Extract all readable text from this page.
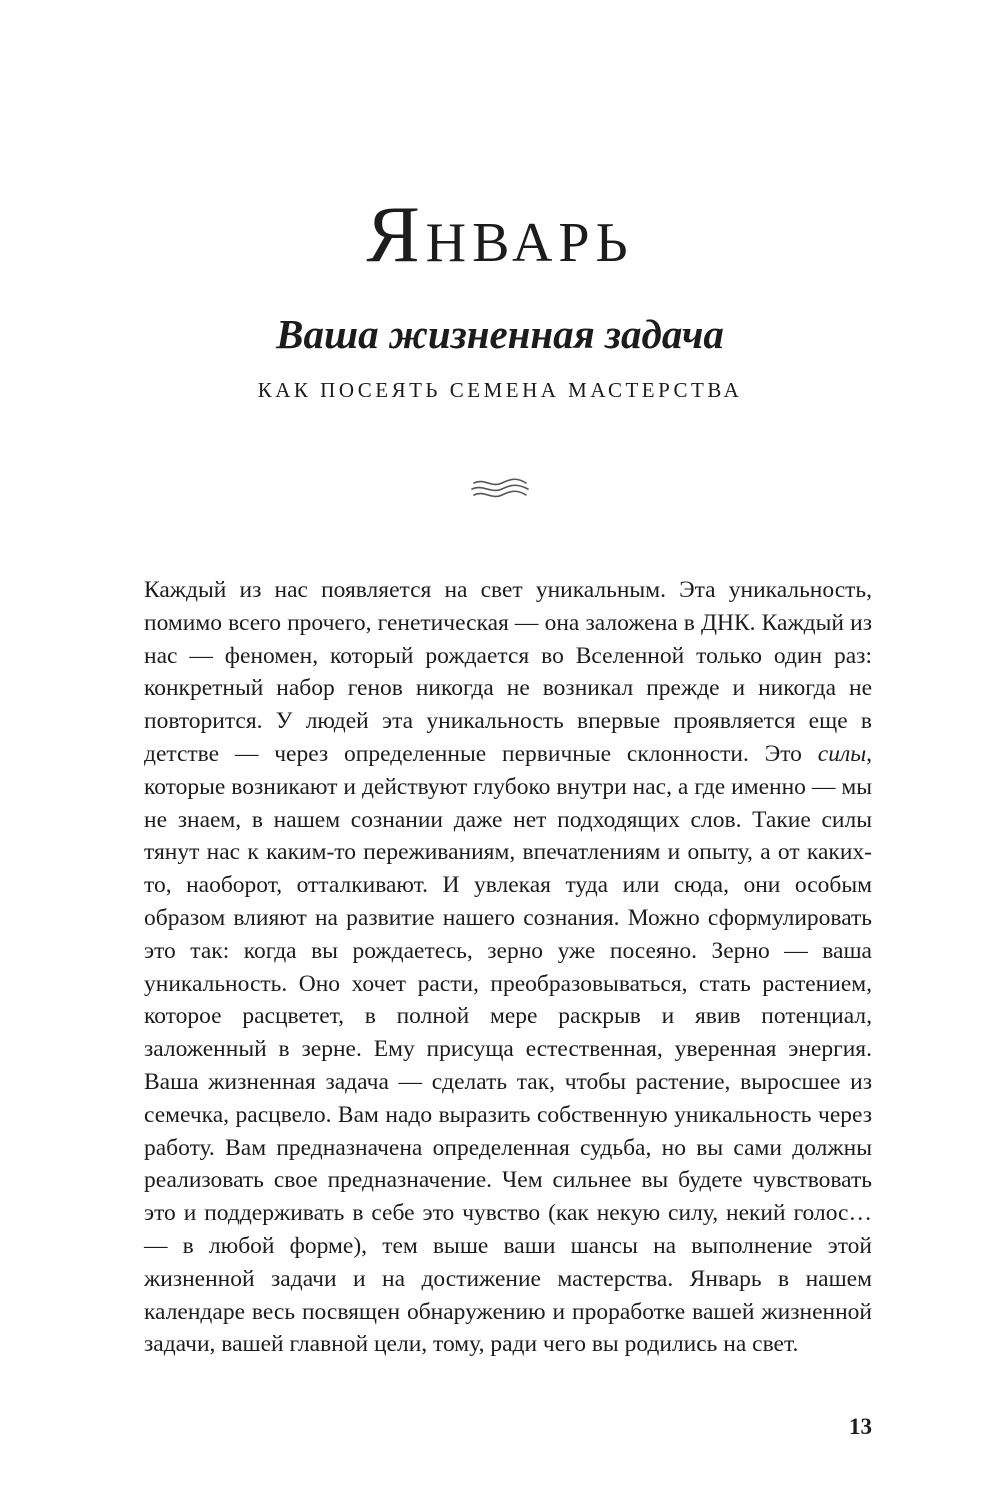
Январь
Ваша жизненная задача
КАК ПОСЕЯТЬ СЕМЕНА МАСТЕРСТВА

Каждый из нас появляется на свет уникальным. Эта уникальность, помимо всего прочего, генетическая — она заложена в ДНК. Каждый из нас — феномен, который рождается во Вселенной только один раз: конкретный набор генов никогда не возникал прежде и никогда не повторится. У людей эта уникальность впервые проявляется еще в детстве — через определенные первичные склонности. Это силы, которые возникают и действуют глубоко внутри нас, а где именно — мы не знаем, в нашем сознании даже нет подходящих слов. Такие силы тянут нас к каким-то переживаниям, впечатлениям и опыту, а от каких-то, наоборот, отталкивают. И увлекая туда или сюда, они особым образом влияют на развитие нашего сознания. Можно сформулировать это так: когда вы рождаетесь, зерно уже посеяно. Зерно — ваша уникальность. Оно хочет расти, преобразовываться, стать растением, которое расцветет, в полной мере раскрыв и явив потенциал, заложенный в зерне. Ему присуща естественная, уверенная энергия. Ваша жизненная задача — сделать так, чтобы растение, выросшее из семечка, расцвело. Вам надо выразить собственную уникальность через работу. Вам предназначена определенная судьба, но вы сами должны реализовать свое предназначение. Чем сильнее вы будете чувствовать это и поддерживать в себе это чувство (как некую силу, некий голос… — в любой форме), тем выше ваши шансы на выполнение этой жизненной задачи и на достижение мастерства. Январь в нашем календаре весь посвящен обнаружению и проработке вашей жизненной задачи, вашей главной цели, тому, ради чего вы родились на свет.

13
